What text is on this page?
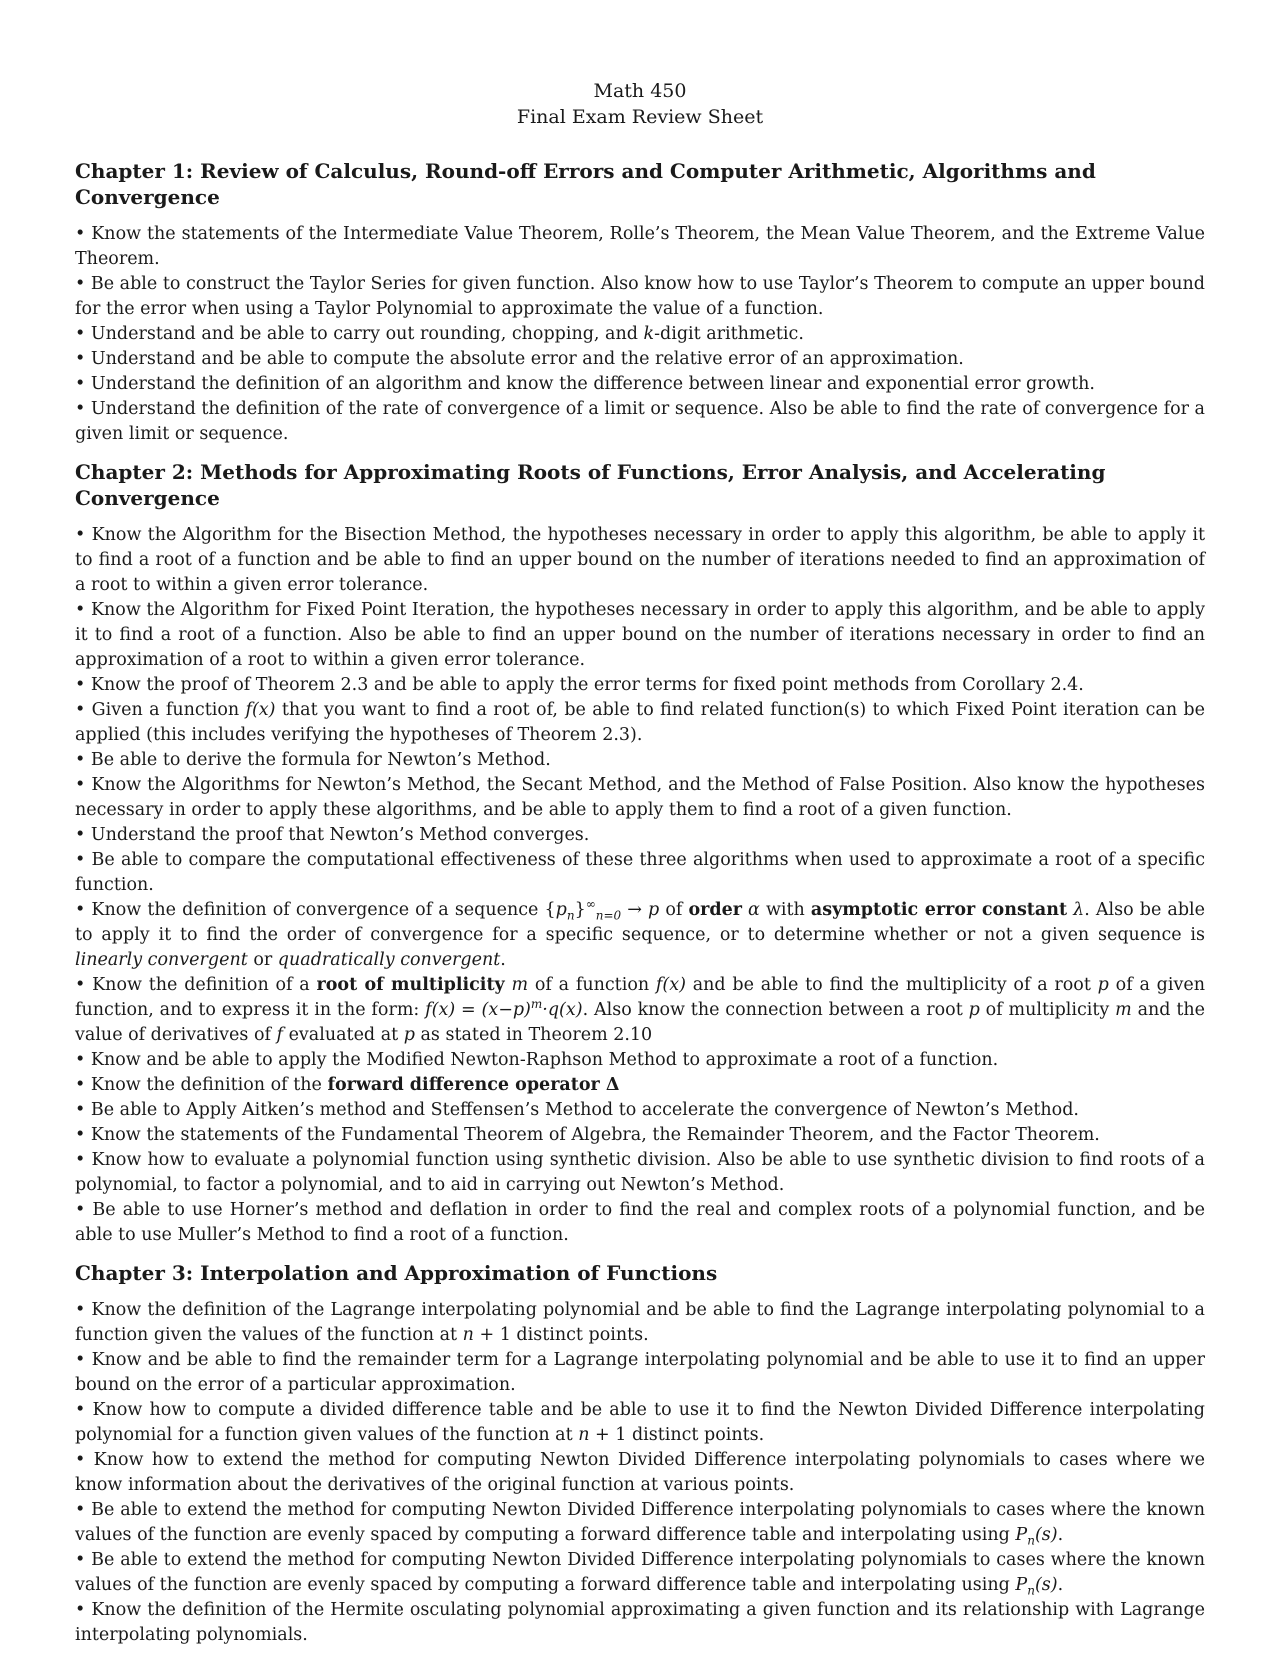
Math 450
Final Exam Review Sheet
Chapter 1: Review of Calculus, Round-off Errors and Computer Arithmetic, Algorithms and Convergence

• Know the statements of the Intermediate Value Theorem, Rolle’s Theorem, the Mean Value Theorem, and the Extreme Value Theorem.

• Be able to construct the Taylor Series for given function. Also know how to use Taylor’s Theorem to compute an upper bound for the error when using a Taylor Polynomial to approximate the value of a function.

• Understand and be able to carry out rounding, chopping, and k-digit arithmetic.

• Understand and be able to compute the absolute error and the relative error of an approximation.

• Understand the definition of an algorithm and know the difference between linear and exponential error growth.

• Understand the definition of the rate of convergence of a limit or sequence. Also be able to find the rate of convergence for a given limit or sequence.

Chapter 2: Methods for Approximating Roots of Functions, Error Analysis, and Accelerating Convergence

• Know the Algorithm for the Bisection Method, the hypotheses necessary in order to apply this algorithm, be able to apply it to find a root of a function and be able to find an upper bound on the number of iterations needed to find an approximation of a root to within a given error tolerance.

• Know the Algorithm for Fixed Point Iteration, the hypotheses necessary in order to apply this algorithm, and be able to apply it to find a root of a function. Also be able to find an upper bound on the number of iterations necessary in order to find an approximation of a root to within a given error tolerance.

• Know the proof of Theorem 2.3 and be able to apply the error terms for fixed point methods from Corollary 2.4.

• Given a function f(x) that you want to find a root of, be able to find related function(s) to which Fixed Point iteration can be applied (this includes verifying the hypotheses of Theorem 2.3).

• Be able to derive the formula for Newton’s Method.

• Know the Algorithms for Newton’s Method, the Secant Method, and the Method of False Position. Also know the hypotheses necessary in order to apply these algorithms, and be able to apply them to find a root of a given function.

• Understand the proof that Newton’s Method converges.

• Be able to compare the computational effectiveness of these three algorithms when used to approximate a root of a specific function.

• Know the definition of convergence of a sequence $\{p_n\}^\infty_{n=0} \to p$ of order α with asymptotic error constant λ. Also be able to apply it to find the order of convergence for a specific sequence, or to determine whether or not a given sequence is linearly convergent or quadratically convergent.

• Know the definition of a root of multiplicity m of a function f(x) and be able to find the multiplicity of a root p of a given function, and to express it in the form: $f(x) = (x-p)^m\cdot q(x)$. Also know the connection between a root p of multiplicity m and the value of derivatives of f evaluated at p as stated in Theorem 2.10

• Know and be able to apply the Modified Newton-Raphson Method to approximate a root of a function.

• Know the definition of the forward difference operator Δ

• Be able to Apply Aitken’s method and Steffensen’s Method to accelerate the convergence of Newton’s Method.

• Know the statements of the Fundamental Theorem of Algebra, the Remainder Theorem, and the Factor Theorem.

• Know how to evaluate a polynomial function using synthetic division. Also be able to use synthetic division to find roots of a polynomial, to factor a polynomial, and to aid in carrying out Newton’s Method.

• Be able to use Horner’s method and deflation in order to find the real and complex roots of a polynomial function, and be able to use Muller’s Method to find a root of a function.

Chapter 3: Interpolation and Approximation of Functions

• Know the definition of the Lagrange interpolating polynomial and be able to find the Lagrange interpolating polynomial to a function given the values of the function at n + 1 distinct points.

• Know and be able to find the remainder term for a Lagrange interpolating polynomial and be able to use it to find an upper bound on the error of a particular approximation.

• Know how to compute a divided difference table and be able to use it to find the Newton Divided Difference interpolating polynomial for a function given values of the function at n + 1 distinct points.

• Know how to extend the method for computing Newton Divided Difference interpolating polynomials to cases where we know information about the derivatives of the original function at various points.

• Be able to extend the method for computing Newton Divided Difference interpolating polynomials to cases where the known values of the function are evenly spaced by computing a forward difference table and interpolating using $P_n(s)$.

• Be able to extend the method for computing Newton Divided Difference interpolating polynomials to cases where the known values of the function are evenly spaced by computing a forward difference table and interpolating using $P_n(s)$.

• Know the definition of the Hermite osculating polynomial approximating a given function and its relationship with Lagrange interpolating polynomials.
